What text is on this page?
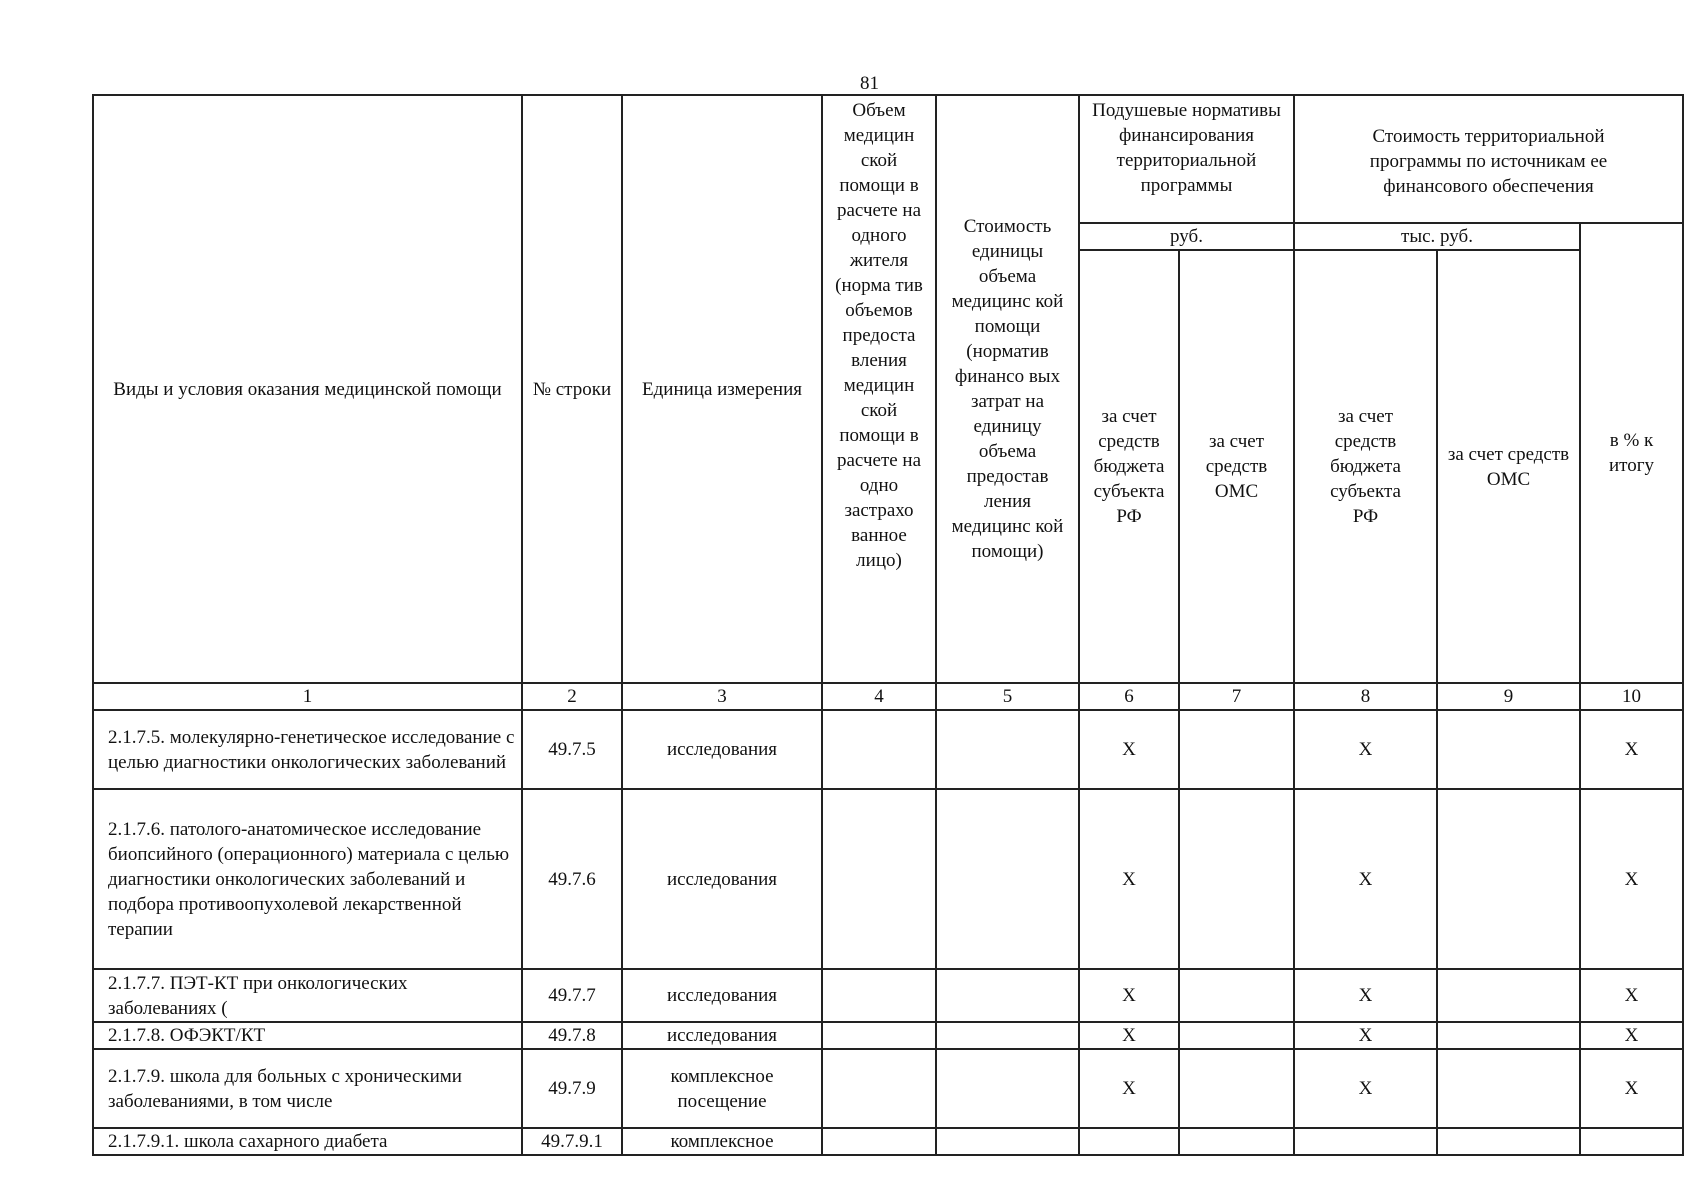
81
Виды и условия оказания медицинской помощи	№ строки	Единица измерения	Объем медицин ской помощи в расчете на одного жителя (норма тив объемов предоста вления медицин ской помощи в расчете на одно застрахо ванное лицо)	Стоимость единицы объема медицинс кой помощи (норматив финансо вых затрат на единицу объема предостав ления медицинс кой помощи)	Подушевые нормативы финансирования территориальной программы		Стоимость территориальной программы по источникам ее финансового обеспечения		
					руб.		тыс. руб.		в % к итогу
					за счет средств бюджета субъекта РФ	за счет средств ОМС	за счет средств бюджета субъекта РФ	за счет средств ОМС	
1	2	3	4	5	6	7	8	9	10
2.1.7.5. молекулярно-генетическое исследование с целью диагностики онкологических заболеваний	49.7.5	исследования			X		X		X
2.1.7.6. патолого-анатомическое исследование биопсийного (операционного) материала с целью диагностики онкологических заболеваний и подбора противоопухолевой лекарственной терапии	49.7.6	исследования			X		X		X
2.1.7.7. ПЭТ-КТ при онкологических заболеваниях (	49.7.7	исследования			X		X		X
2.1.7.8. ОФЭКТ/КТ	49.7.8	исследования			X		X		X
2.1.7.9. школа для больных с хроническими заболеваниями, в том числе	49.7.9	комплексное посещение			X		X		X
2.1.7.9.1. школа сахарного диабета	49.7.9.1	комплексное							
